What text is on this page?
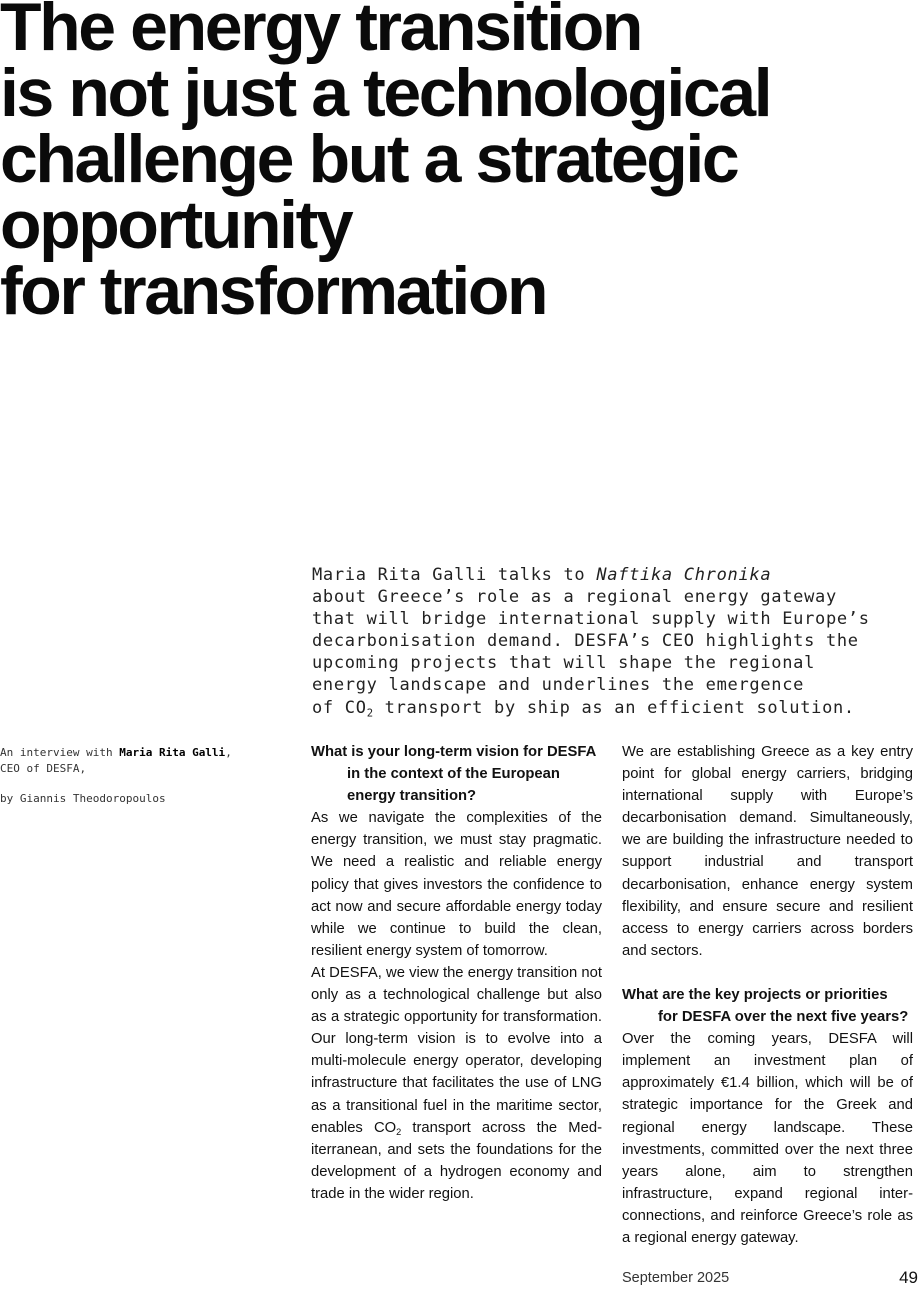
The energy transition
is not just a technological
challenge but a strategic
opportunity
for transformation
Maria Rita Galli talks to Naftika Chronika
about Greece’s role as a regional energy gateway
that will bridge international supply with Europe’s
decarbonisation demand. DESFA’s CEO highlights the
upcoming projects that will shape the regional
energy landscape and underlines the emergence
of $CO_2$ transport by ship as an efficient solution.

An interview with Maria Rita Galli,

CEO of DESFA,

by Giannis Theodoropoulos

What is your long-term vision for DESFA
in the context of the European energy transition?

As we navigate the complexities of the energy transition, we must stay pragmatic. We need a realistic and reliable energy policy that gives investors the confidence to act now and secure affordable energy today while we continue to build the clean, resilient energy system of tomorrow.

At DESFA, we view the energy transition not only as a technological challenge but also as a strategic opportunity for transformation. Our long-term vision is to evolve into a multi-molecule energy operator, developing infrastructure that facilitates the use of LNG as a transitional fuel in the maritime sector, enables $CO_2$ transport across the Mediterranean, and sets the foundations for the development of a hydrogen economy and trade in the wider region.

We are establishing Greece as a key entry point for global energy carriers, bridging international supply with Europe’s decarbonisation demand. Simultaneously, we are building the infrastructure needed to support industrial and transport decarbonisation, enhance energy system flexibility, and ensure secure and resilient access to energy carriers across borders and sectors.

What are the key projects or priorities
for DESFA over the next five years?

Over the coming years, DESFA will implement an investment plan of approximately €1.4 billion, which will be of strategic importance for the Greek and regional energy landscape. These investments, committed over the next three years alone, aim to strengthen infrastructure, expand regional interconnections, and reinforce Greece’s role as a regional energy gateway.

September 2025	49
